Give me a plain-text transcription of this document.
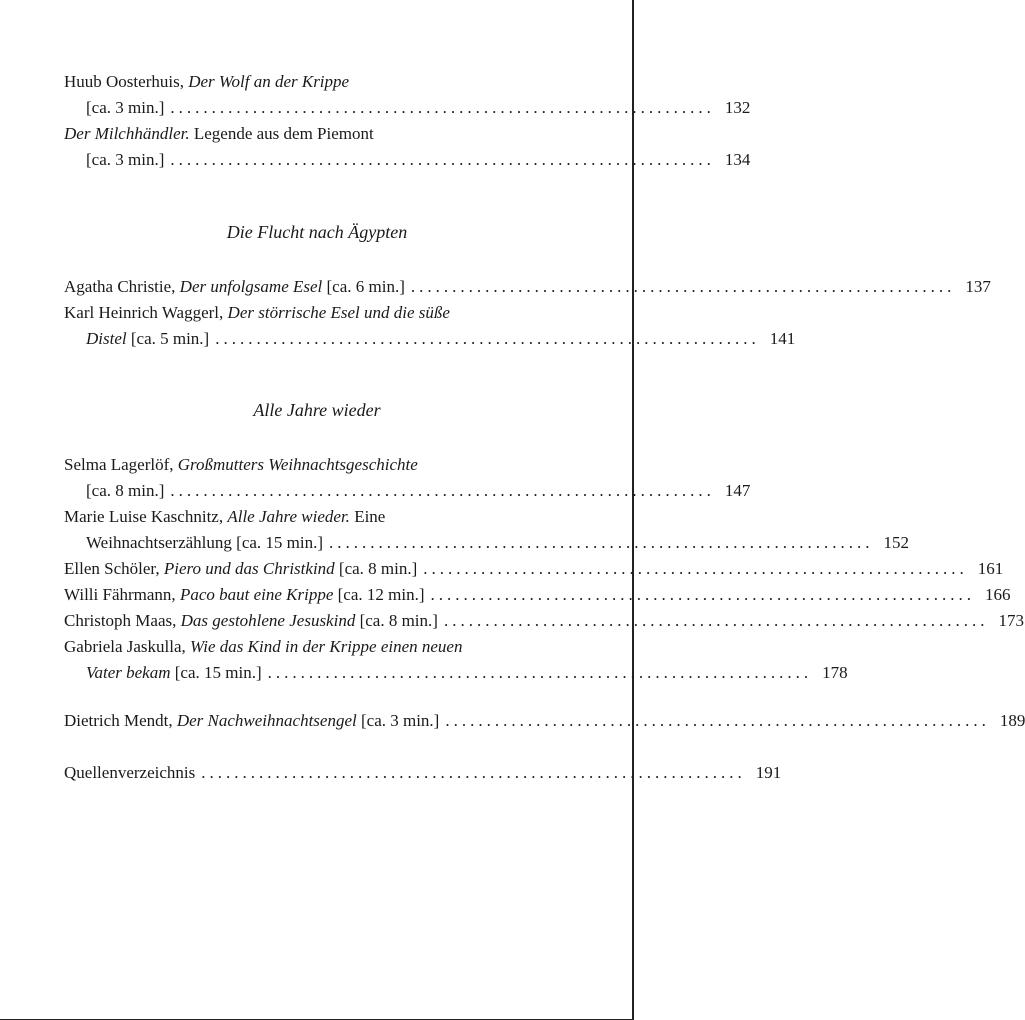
Huub Oosterhuis, Der Wolf an der Krippe
[ca. 3 min.] .................................................................. 132
Der Milchhändler. Legende aus dem Piemont
[ca. 3 min.] .................................................................. 134
Die Flucht nach Ägypten
Agatha Christie, Der unfolgsame Esel [ca. 6 min.] .................................................................. 137
Karl Heinrich Waggerl, Der störrische Esel und die süße
Distel [ca. 5 min.] .................................................................. 141
Alle Jahre wieder
Selma Lagerlöf, Großmutters Weihnachtsgeschichte
[ca. 8 min.] .................................................................. 147
Marie Luise Kaschnitz, Alle Jahre wieder. Eine
Weihnachtserzählung [ca. 15 min.] .................................................................. 152
Ellen Schöler, Piero und das Christkind [ca. 8 min.] .................................................................. 161
Willi Fährmann, Paco baut eine Krippe [ca. 12 min.] .................................................................. 166
Christoph Maas, Das gestohlene Jesuskind [ca. 8 min.] .................................................................. 173
Gabriela Jaskulla, Wie das Kind in der Krippe einen neuen
Vater bekam [ca. 15 min.] .................................................................. 178
Dietrich Mendt, Der Nachweihnachtsengel [ca. 3 min.] .................................................................. 189
Quellenverzeichnis .................................................................. 191
